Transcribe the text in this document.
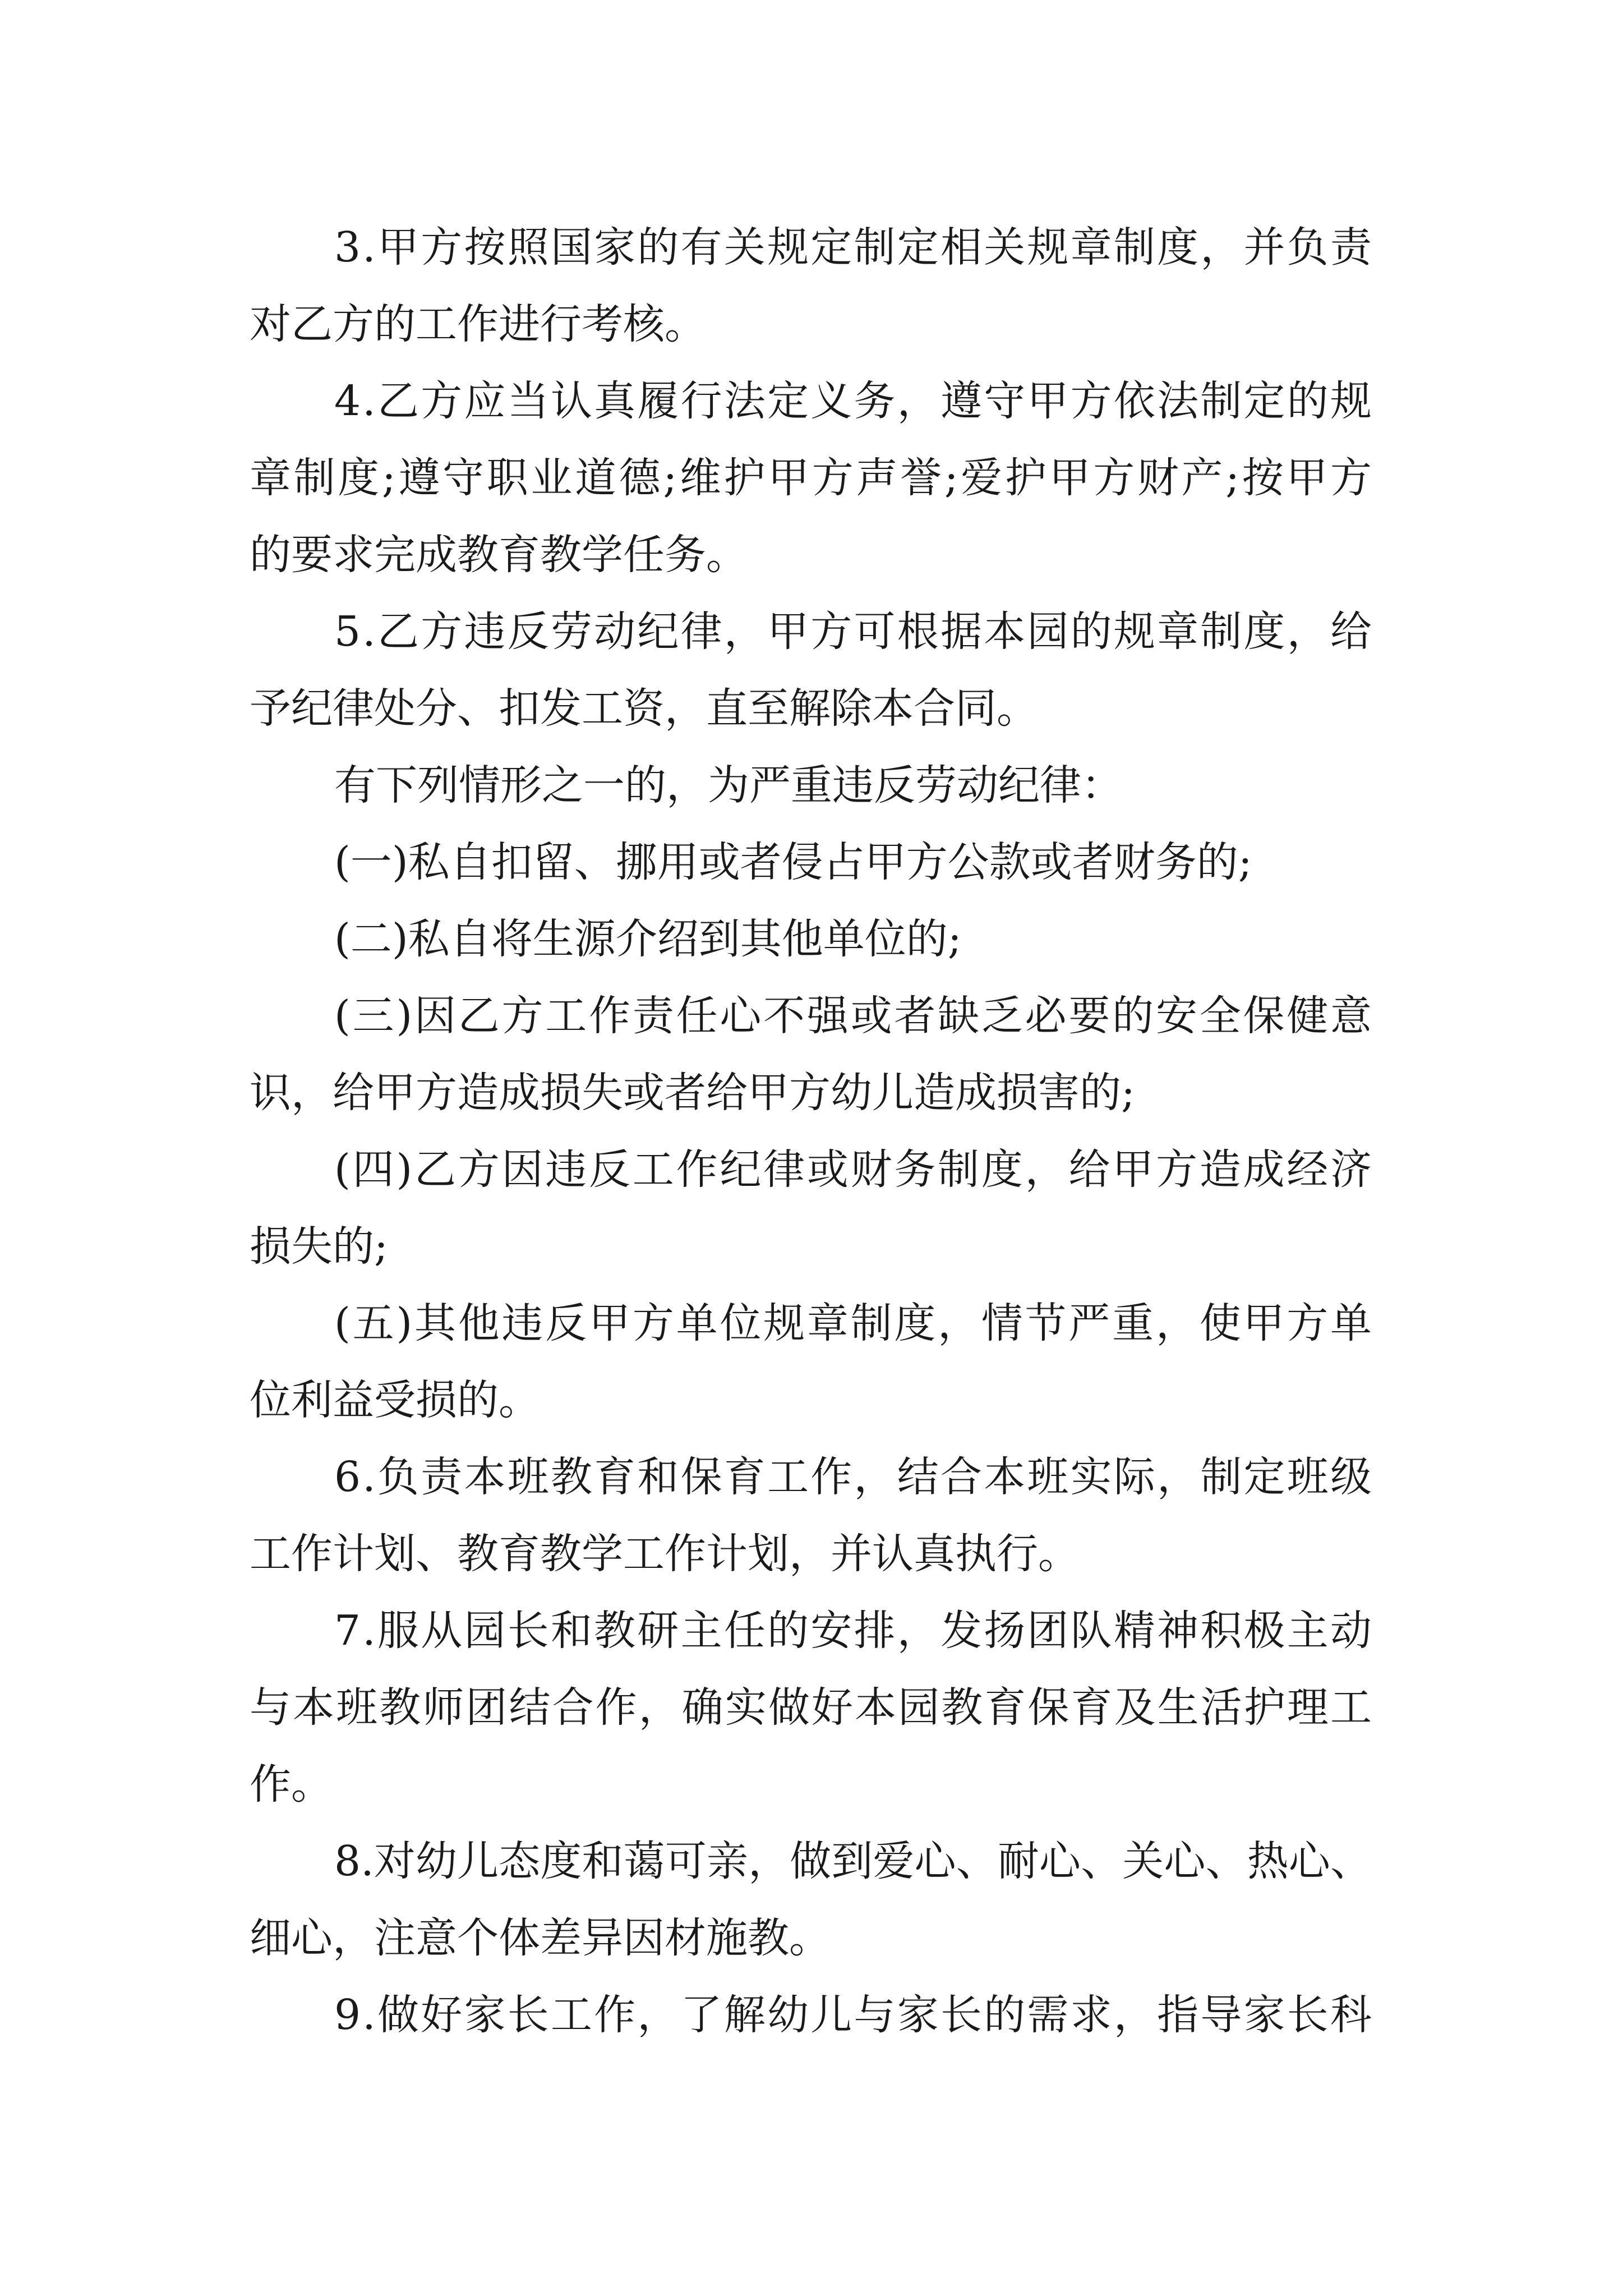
3.甲方按照国家的有关规定制定相关规章制度，并负责
对乙方的工作进行考核。
4.乙方应当认真履行法定义务，遵守甲方依法制定的规
章制度;遵守职业道德;维护甲方声誉;爱护甲方财产;按甲方
的要求完成教育教学任务。
5.乙方违反劳动纪律，甲方可根据本园的规章制度，给
予纪律处分、扣发工资，直至解除本合同。
有下列情形之一的，为严重违反劳动纪律：
(一)私自扣留、挪用或者侵占甲方公款或者财务的;
(二)私自将生源介绍到其他单位的;
(三)因乙方工作责任心不强或者缺乏必要的安全保健意
识，给甲方造成损失或者给甲方幼儿造成损害的;
(四)乙方因违反工作纪律或财务制度，给甲方造成经济
损失的;
(五)其他违反甲方单位规章制度，情节严重，使甲方单
位利益受损的。
6.负责本班教育和保育工作，结合本班实际，制定班级
工作计划、教育教学工作计划，并认真执行。
7.服从园长和教研主任的安排，发扬团队精神积极主动
与本班教师团结合作，确实做好本园教育保育及生活护理工
作。
8.对幼儿态度和蔼可亲，做到爱心、耐心、关心、热心、
细心，注意个体差异因材施教。
9.做好家长工作，了解幼儿与家长的需求，指导家长科
